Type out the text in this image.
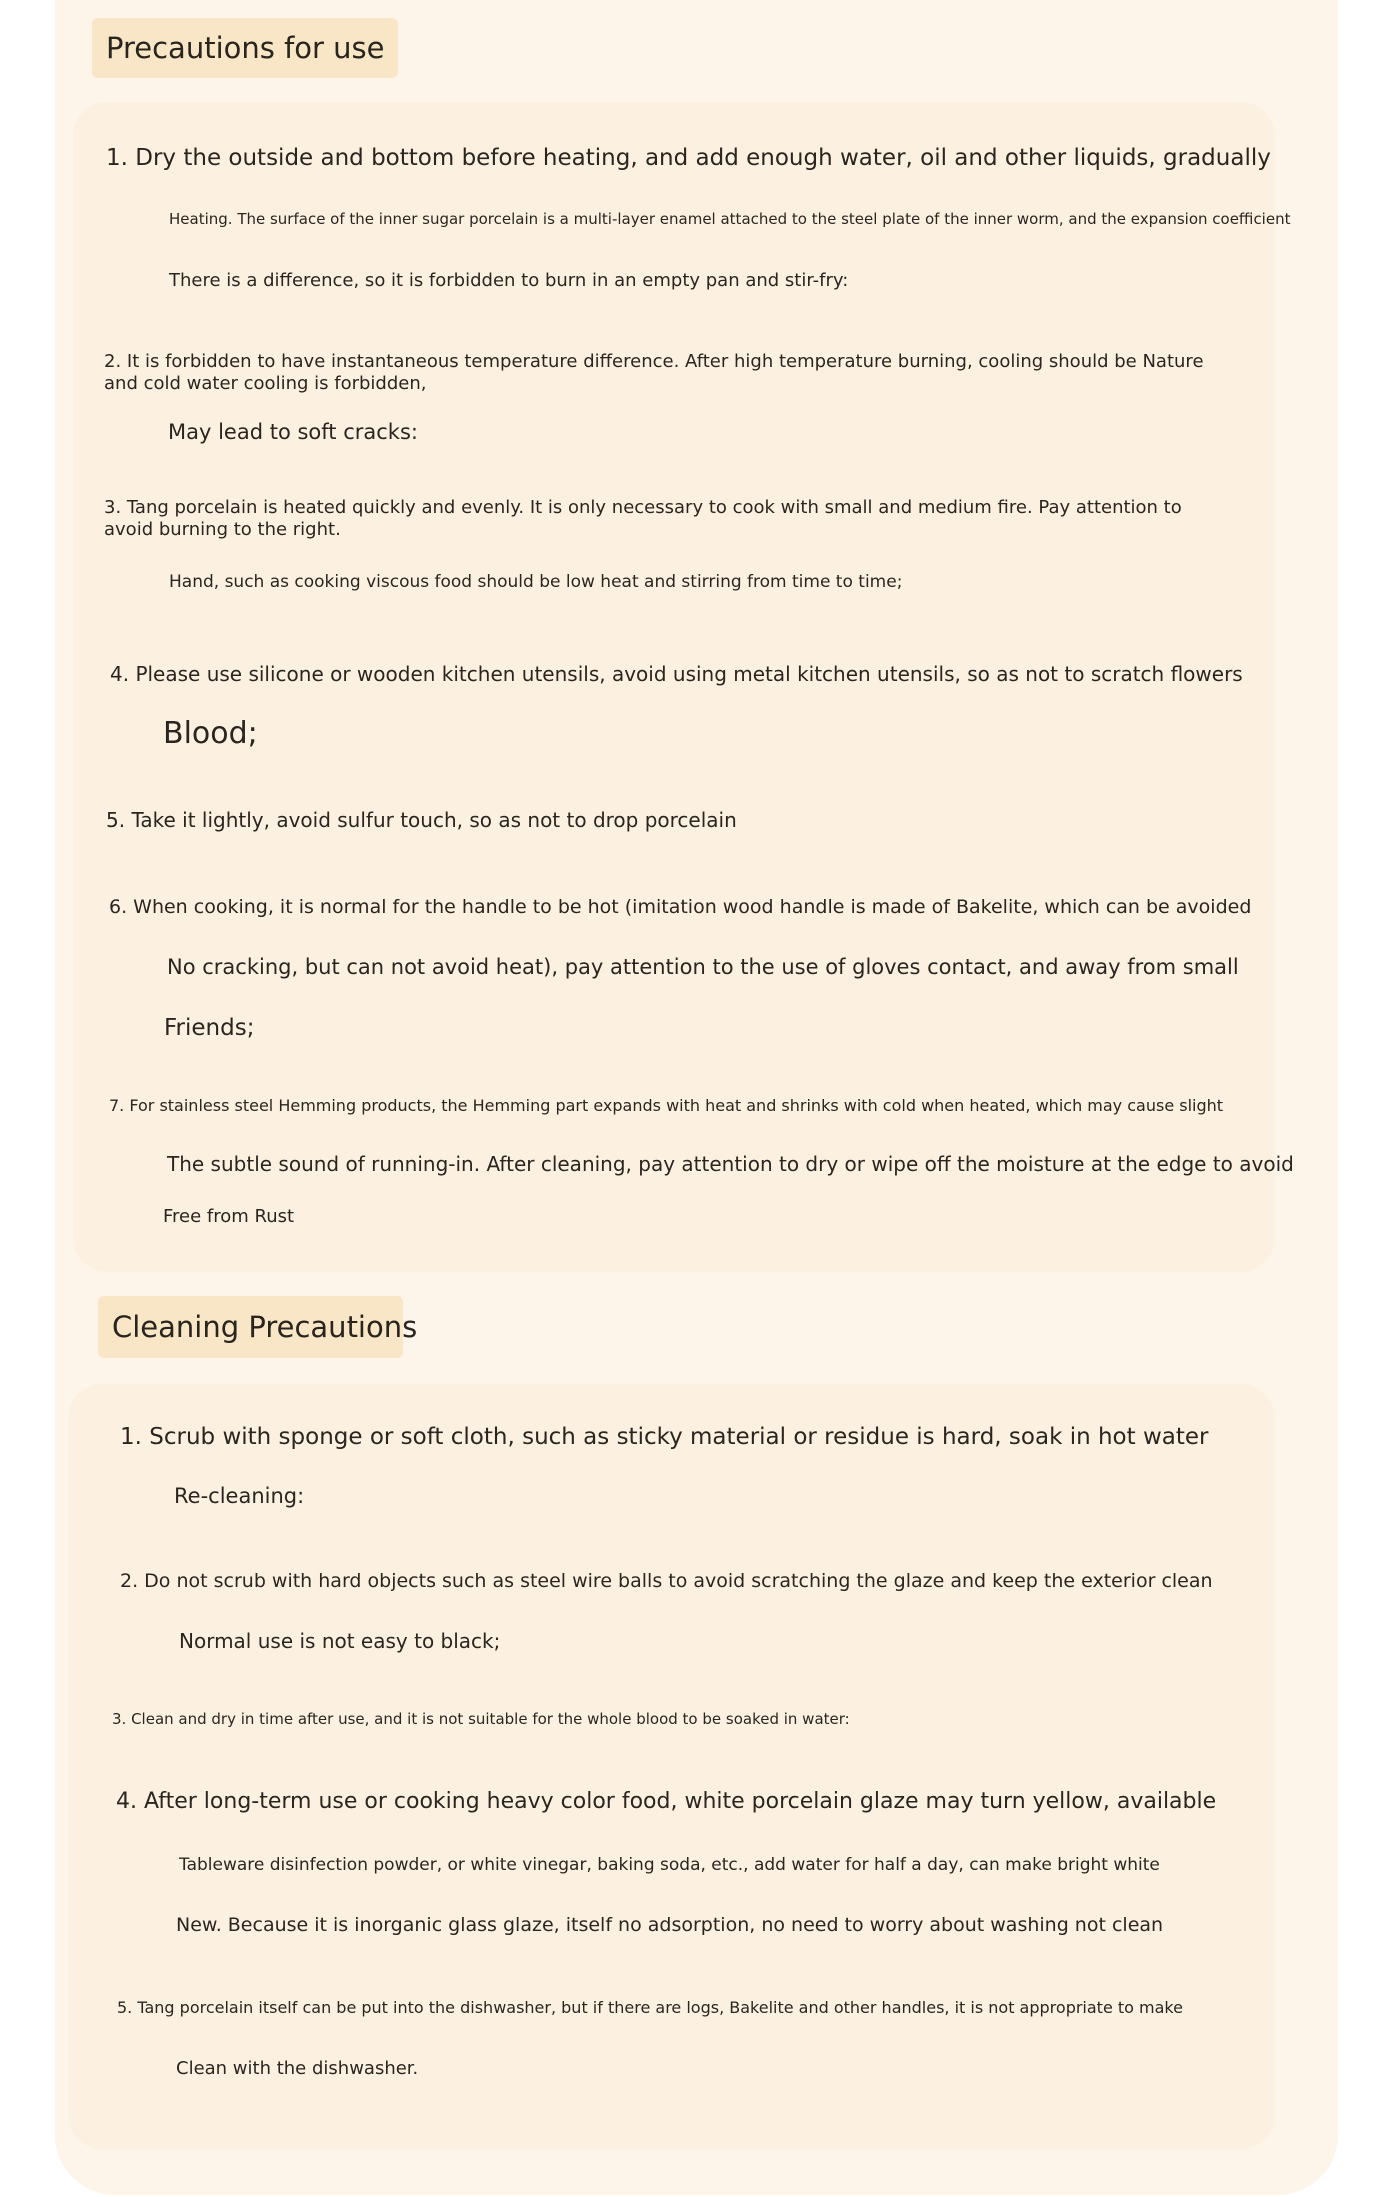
Precautions for use
1. Dry the outside and bottom before heating, and add enough water, oil and other liquids, gradually
Heating. The surface of the inner sugar porcelain is a multi-layer enamel attached to the steel plate of the inner worm, and the expansion coefficient
There is a difference, so it is forbidden to burn in an empty pan and stir-fry:
2. It is forbidden to have instantaneous temperature difference. After high temperature burning, cooling should be Nature and cold water cooling is forbidden,
May lead to soft cracks:
3. Tang porcelain is heated quickly and evenly. It is only necessary to cook with small and medium fire. Pay attention to avoid burning to the right.
Hand, such as cooking viscous food should be low heat and stirring from time to time;
4. Please use silicone or wooden kitchen utensils, avoid using metal kitchen utensils, so as not to scratch flowers
Blood;
5. Take it lightly, avoid sulfur touch, so as not to drop porcelain
6. When cooking, it is normal for the handle to be hot (imitation wood handle is made of Bakelite, which can be avoided
No cracking, but can not avoid heat), pay attention to the use of gloves contact, and away from small
Friends;
7. For stainless steel Hemming products, the Hemming part expands with heat and shrinks with cold when heated, which may cause slight
The subtle sound of running-in. After cleaning, pay attention to dry or wipe off the moisture at the edge to avoid
Free from Rust
Cleaning Precautions
1. Scrub with sponge or soft cloth, such as sticky material or residue is hard, soak in hot water
Re-cleaning:
2. Do not scrub with hard objects such as steel wire balls to avoid scratching the glaze and keep the exterior clean
Normal use is not easy to black;
3. Clean and dry in time after use, and it is not suitable for the whole blood to be soaked in water:
4. After long-term use or cooking heavy color food, white porcelain glaze may turn yellow, available
Tableware disinfection powder, or white vinegar, baking soda, etc., add water for half a day, can make bright white
New. Because it is inorganic glass glaze, itself no adsorption, no need to worry about washing not clean
5. Tang porcelain itself can be put into the dishwasher, but if there are logs, Bakelite and other handles, it is not appropriate to make
Clean with the dishwasher.
